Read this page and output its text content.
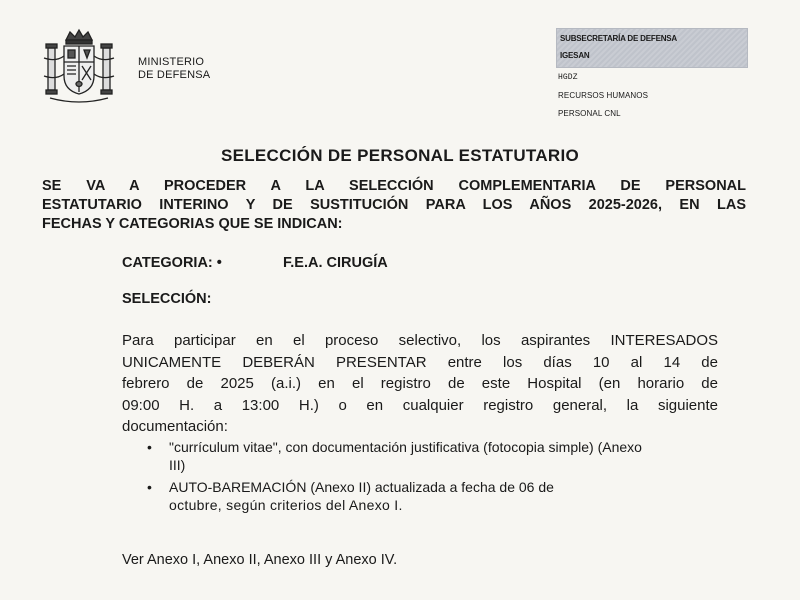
MINISTERIO
DE DEFENSA
SUBSECRETARÍA DE DEFENSA
IGESAN
HGDZ
RECURSOS HUMANOS
PERSONAL CNL
SELECCIÓN DE PERSONAL ESTATUTARIO

SE VA A PROCEDER A LA SELECCIÓN COMPLEMENTARIA DE PERSONAL

ESTATUTARIO INTERINO Y DE SUSTITUCIÓN PARA LOS AÑOS 2025-2026, EN LAS

FECHAS Y CATEGORIAS QUE SE INDICAN:

CATEGORIA: •	F.E.A. CIRUGÍA
SELECCIÓN:
Para participar en el proceso selectivo, los aspirantes INTERESADOS
UNICAMENTE DEBERÁN PRESENTAR entre los días 10 al 14 de
febrero de 2025 (a.i.) en el registro de este Hospital (en horario de
09:00 H. a 13:00 H.) o en cualquier registro general, la siguiente
documentación:
• "currículum vitae", con documentación justificativa (fotocopia simple) (Anexo
III)
• AUTO-BAREMACIÓN (Anexo II) actualizada a fecha de 06 de
octubre, según criterios del Anexo I.
Ver Anexo I, Anexo II, Anexo III y Anexo IV.
